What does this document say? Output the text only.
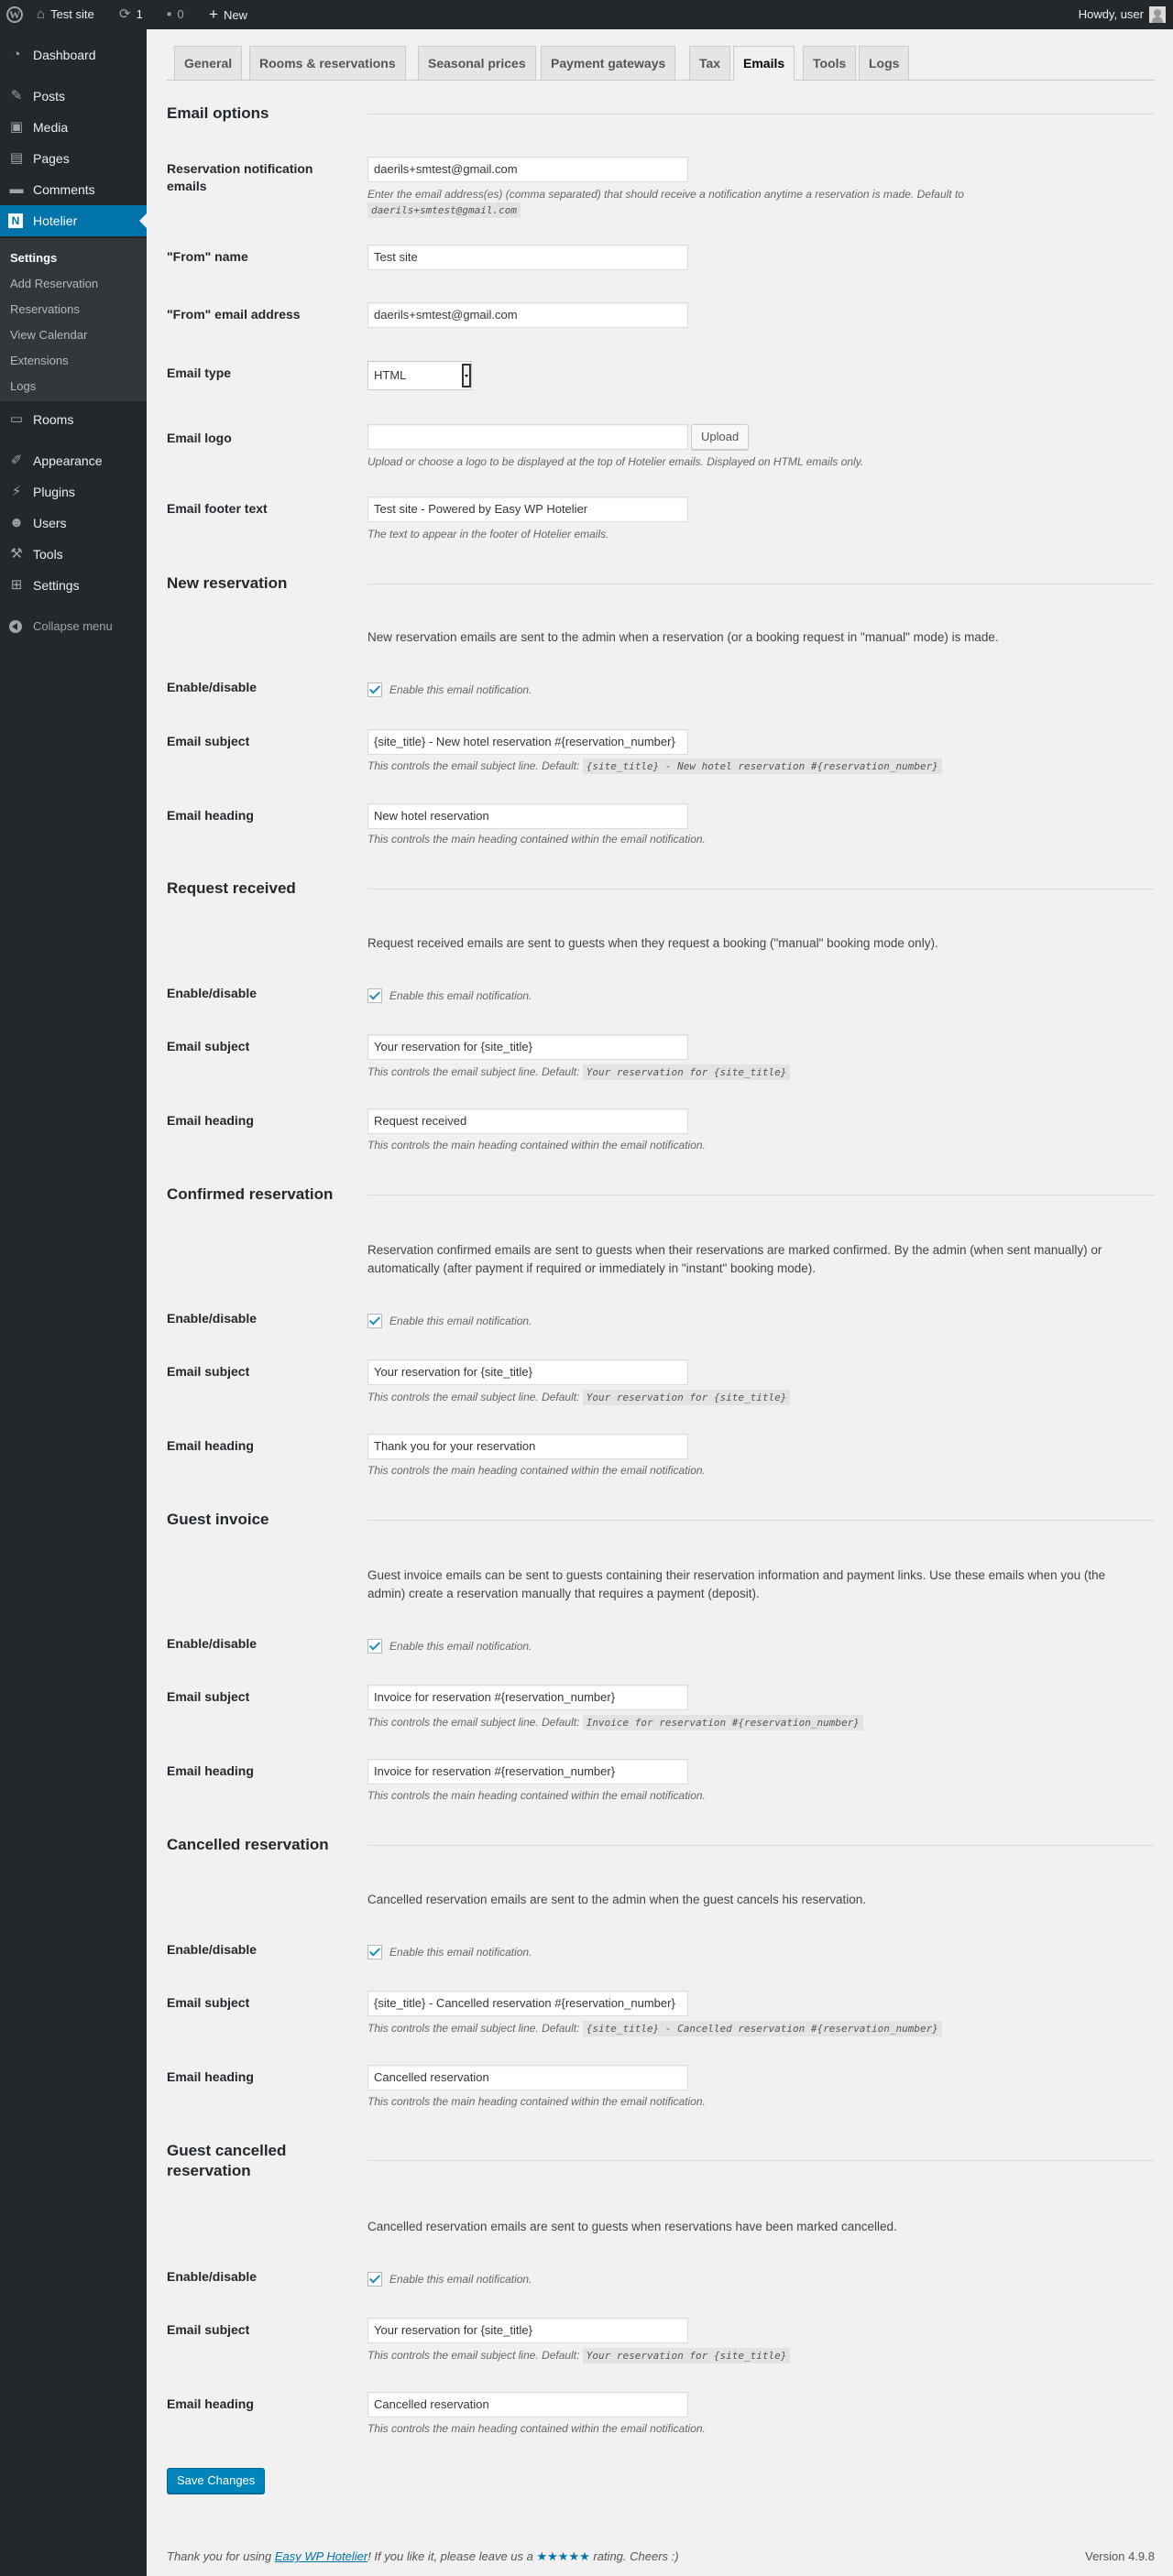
W ⌂ Test site ⟳ 1 ▪ 0 + New	Howdy, user
◔ Dashboard
✎ Posts
▣ Media
▤ Pages
▬ Comments
N Hotelier
Settings
Add Reservation
Reservations
View Calendar
Extensions
Logs
▭ Rooms
✐ Appearance
⚡ Plugins
☻ Users
⚒ Tools
⊞ Settings
Collapse menu
General	Rooms & reservations	Seasonal prices	Payment gateways	Tax	Emails	Tools	Logs
Email options
Reservation notification emails
daerils+smtest@gmail.com
Enter the email address(es) (comma separated) that should receive a notification anytime a reservation is made. Default to
daerils+smtest@gmail.com
"From" name	Test site
"From" email address	daerils+smtest@gmail.com
Email type	HTML
Email logo	Upload
Upload or choose a logo to be displayed at the top of Hotelier emails. Displayed on HTML emails only.
Email footer text	Test site - Powered by Easy WP Hotelier
The text to appear in the footer of Hotelier emails.
New reservation
New reservation emails are sent to the admin when a reservation (or a booking request in "manual" mode) is made.
Enable/disable	Enable this email notification.
Email subject	{site_title} - New hotel reservation #{reservation_number}
This controls the email subject line. Default: {site_title} - New hotel reservation #{reservation_number}
Email heading	New hotel reservation
This controls the main heading contained within the email notification.
Request received
Request received emails are sent to guests when they request a booking ("manual" booking mode only).
Enable/disable	Enable this email notification.
Email subject	Your reservation for {site_title}
This controls the email subject line. Default: Your reservation for {site_title}
Email heading	Request received
This controls the main heading contained within the email notification.
Confirmed reservation
Reservation confirmed emails are sent to guests when their reservations are marked confirmed. By the admin (when sent manually) or automatically (after payment if required or immediately in "instant" booking mode).
Enable/disable	Enable this email notification.
Email subject	Your reservation for {site_title}
This controls the email subject line. Default: Your reservation for {site_title}
Email heading	Thank you for your reservation
This controls the main heading contained within the email notification.
Guest invoice
Guest invoice emails can be sent to guests containing their reservation information and payment links. Use these emails when you (the admin) create a reservation manually that requires a payment (deposit).
Enable/disable	Enable this email notification.
Email subject	Invoice for reservation #{reservation_number}
This controls the email subject line. Default: Invoice for reservation #{reservation_number}
Email heading	Invoice for reservation #{reservation_number}
This controls the main heading contained within the email notification.
Cancelled reservation
Cancelled reservation emails are sent to the admin when the guest cancels his reservation.
Enable/disable	Enable this email notification.
Email subject	{site_title} - Cancelled reservation #{reservation_number}
This controls the email subject line. Default: {site_title} - Cancelled reservation #{reservation_number}
Email heading	Cancelled reservation
This controls the main heading contained within the email notification.
Guest cancelled reservation
Cancelled reservation emails are sent to guests when reservations have been marked cancelled.
Enable/disable	Enable this email notification.
Email subject	Your reservation for {site_title}
This controls the email subject line. Default: Your reservation for {site_title}
Email heading	Cancelled reservation
This controls the main heading contained within the email notification.
Save Changes
Thank you for using Easy WP Hotelier! If you like it, please leave us a ★★★★★ rating. Cheers :)	Version 4.9.8
